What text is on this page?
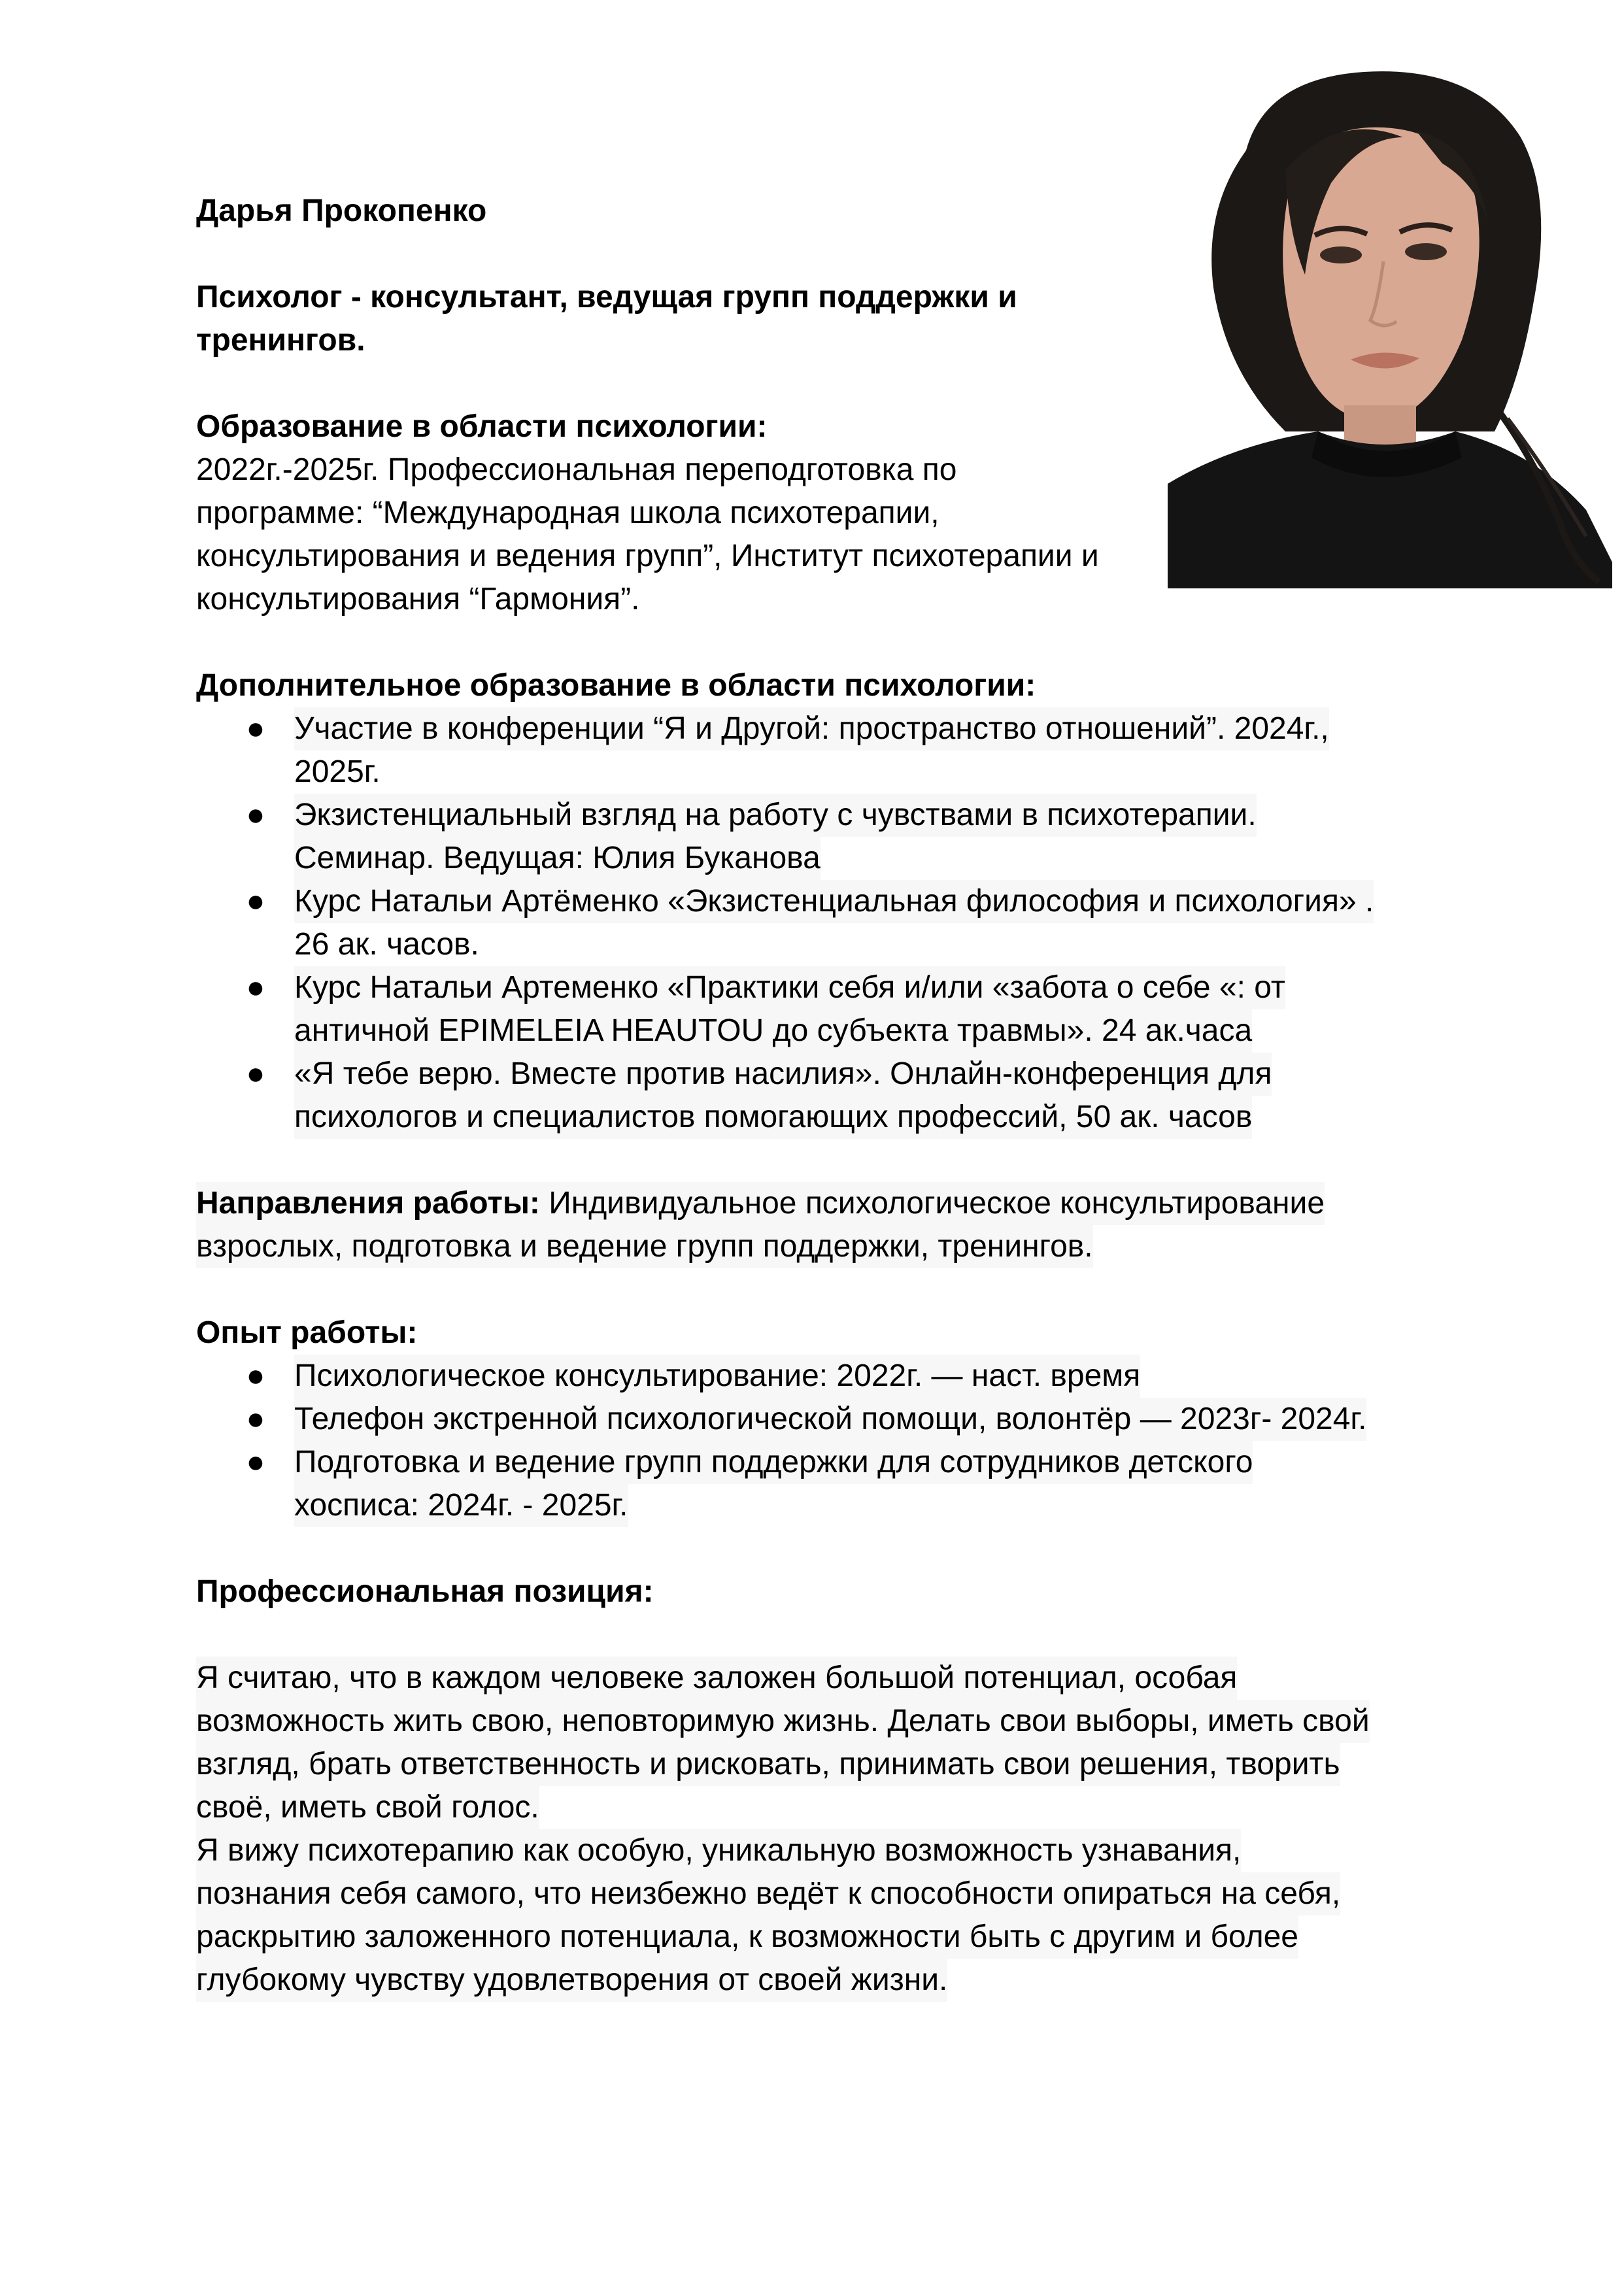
Дарья Прокопенко
Психолог - консультант, ведущая групп поддержки и
тренингов.
Образование в области психологии:
2022г.-2025г. Профессиональная переподготовка по
программе: “Международная школа психотерапии,
консультирования и ведения групп”, Институт психотерапии и
консультирования “Гармония”.
Дополнительное образование в области психологии:
● Участие в конференции “Я и Другой: пространство отношений”. 2024г.,
2025г.
● Экзистенциальный взгляд на работу с чувствами в психотерапии.
Семинар. Ведущая: Юлия Буканова
● Курс Натальи Артёменко «Экзистенциальная философия и психология» .
26 ак. часов.
● Курс Натальи Артеменко «Практики себя и/или «забота о себе «: от
античной EPIMELEIA HEAUTOU до субъекта травмы». 24 ак.часа
● «Я тебе верю. Вместе против насилия». Онлайн-конференция для
психологов и специалистов помогающих профессий, 50 ак. часов
Направления работы: Индивидуальное психологическое консультирование
взрослых, подготовка и ведение групп поддержки, тренингов.
Опыт работы:
● Психологическое консультирование: 2022г. — наст. время
● Телефон экстренной психологической помощи, волонтёр — 2023г- 2024г.
● Подготовка и ведение групп поддержки для сотрудников детского
хосписа: 2024г. - 2025г.
Профессиональная позиция:
Я считаю, что в каждом человеке заложен большой потенциал, особая
возможность жить свою, неповторимую жизнь. Делать свои выборы, иметь свой
взгляд, брать ответственность и рисковать, принимать свои решения, творить
своё, иметь свой голос.
Я вижу психотерапию как особую, уникальную возможность узнавания,
познания себя самого, что неизбежно ведёт к способности опираться на себя,
раскрытию заложенного потенциала, к возможности быть с другим и более
глубокому чувству удовлетворения от своей жизни.
